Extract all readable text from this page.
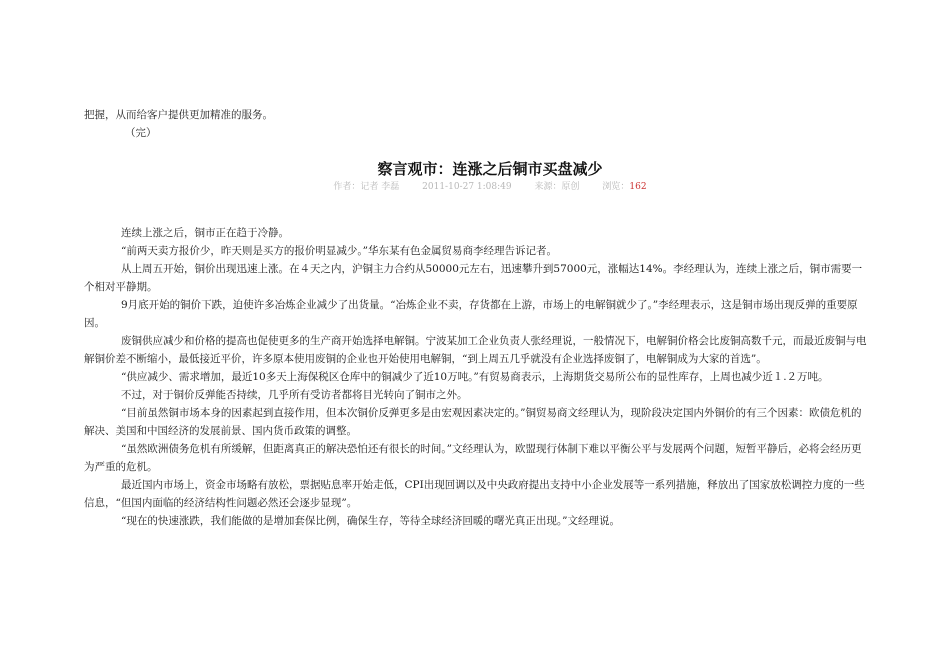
把握，从而给客户提供更加精准的服务。

（完）

察言观市：连涨之后铜市买盘减少
作者：记者 李磊	2011-10-27 1:08:49	来源：原创	浏览：162

连续上涨之后，铜市正在趋于冷静。

“前两天卖方报价少，昨天则是买方的报价明显减少。”华东某有色金属贸易商李经理告诉记者。

从上周五开始，铜价出现迅速上涨。在４天之内，沪铜主力合约从50000元左右，迅速攀升到57000元，涨幅达14%。李经理认为，连续上涨之后，铜市需要一个相对平静期。

9月底开始的铜价下跌，迫使许多冶炼企业减少了出货量。“冶炼企业不卖，存货都在上游，市场上的电解铜就少了。”李经理表示，这是铜市场出现反弹的重要原因。

废铜供应减少和价格的提高也促使更多的生产商开始选择电解铜。宁波某加工企业负责人张经理说，一般情况下，电解铜价格会比废铜高数千元，而最近废铜与电解铜价差不断缩小，最低接近平价，许多原本使用废铜的企业也开始使用电解铜，“到上周五几乎就没有企业选择废铜了，电解铜成为大家的首选”。

“供应减少、需求增加，最近10多天上海保税区仓库中的铜减少了近10万吨。”有贸易商表示，上海期货交易所公布的显性库存，上周也减少近１.２万吨。

不过，对于铜价反弹能否持续，几乎所有受访者都将目光转向了铜市之外。

“目前虽然铜市场本身的因素起到直接作用，但本次铜价反弹更多是由宏观因素决定的。”铜贸易商文经理认为，现阶段决定国内外铜价的有三个因素：欧债危机的解决、美国和中国经济的发展前景、国内货币政策的调整。

“虽然欧洲债务危机有所缓解，但距离真正的解决恐怕还有很长的时间。”文经理认为，欧盟现行体制下难以平衡公平与发展两个问题，短暂平静后，必将会经历更为严重的危机。

最近国内市场上，资金市场略有放松，票据贴息率开始走低，CPI出现回调以及中央政府提出支持中小企业发展等一系列措施，释放出了国家放松调控力度的一些信息，“但国内面临的经济结构性问题必然还会逐步显现”。

“现在的快速涨跌，我们能做的是增加套保比例，确保生存，等待全球经济回暖的曙光真正出现。”文经理说。
